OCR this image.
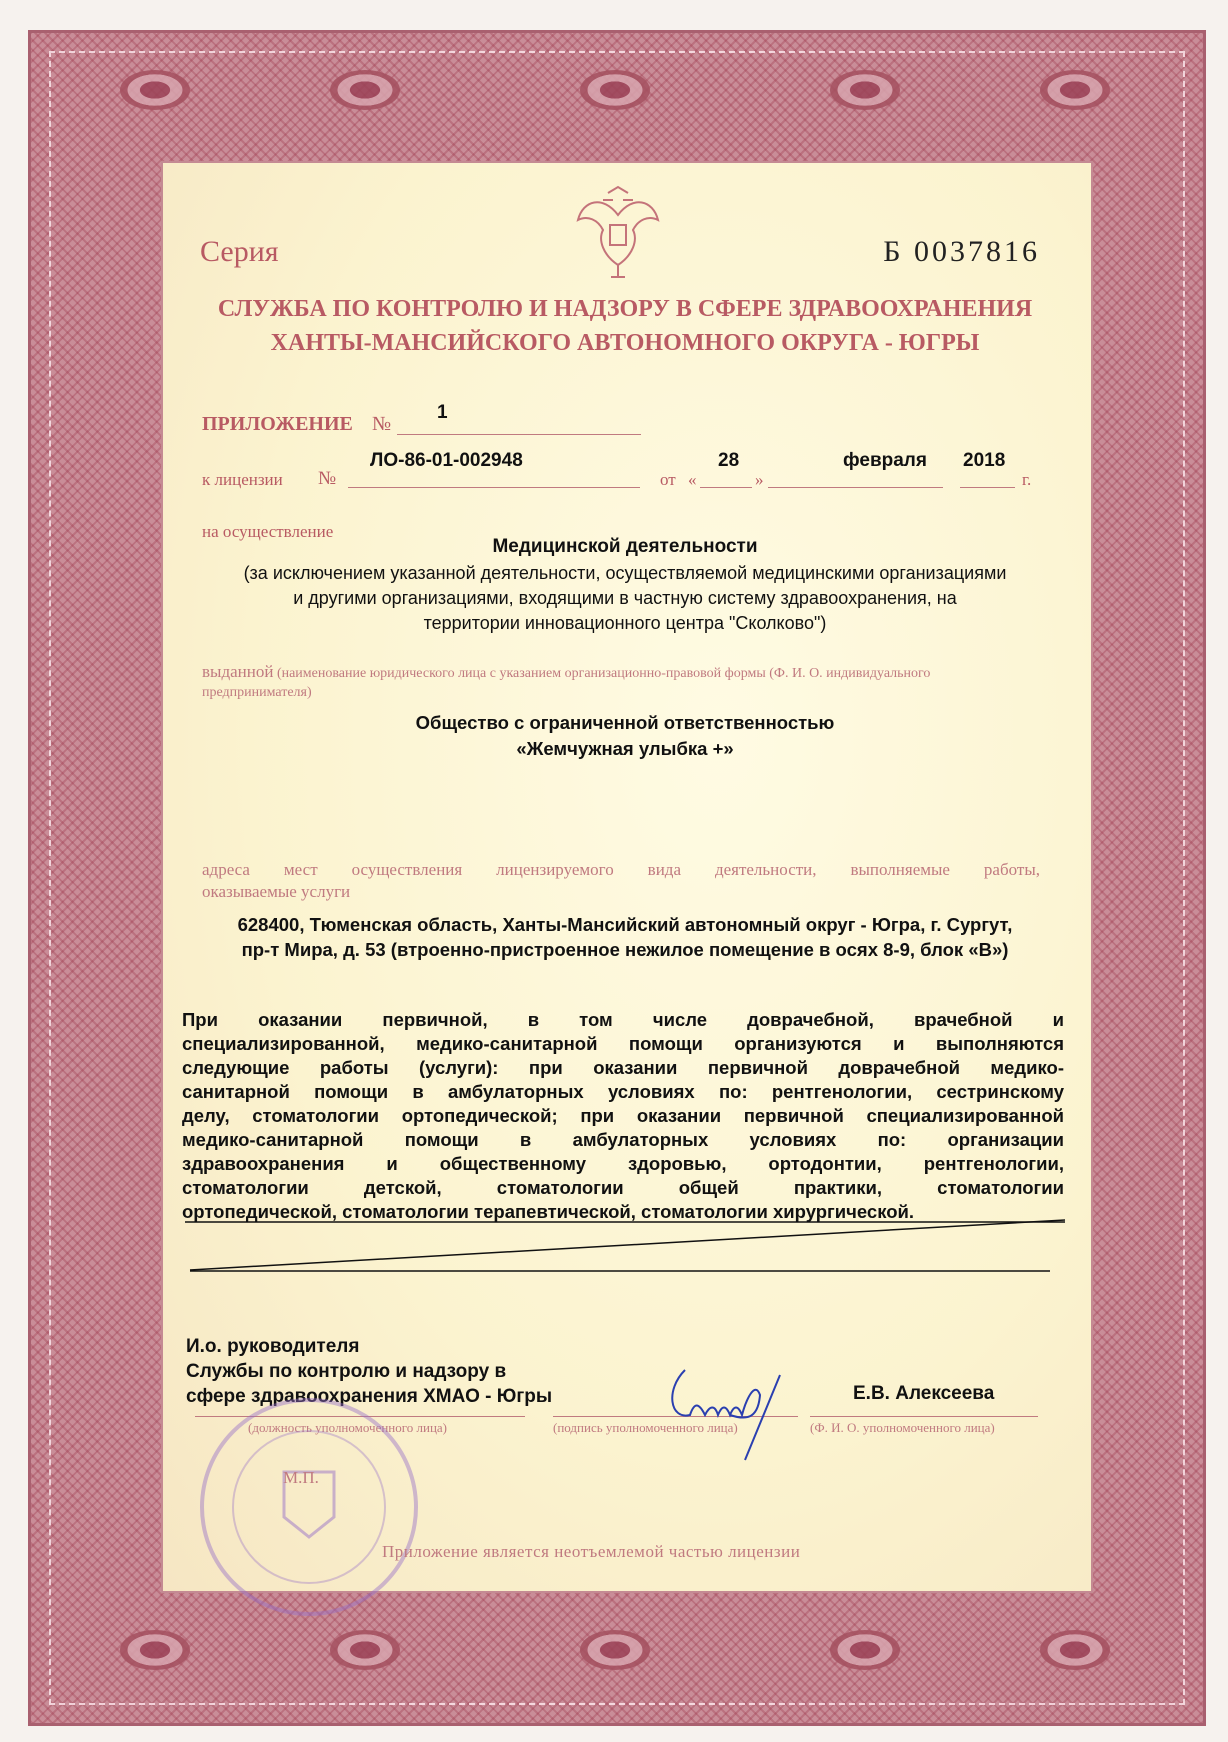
Серия	Б 0037816
СЛУЖБА ПО КОНТРОЛЮ И НАДЗОРУ В СФЕРЕ ЗДРАВООХРАНЕНИЯ
ХАНТЫ-МАНСИЙСКОГО АВТОНОМНОГО ОКРУГА - ЮГРЫ
ПРИЛОЖЕНИЕ №
1
к лицензии №
ЛО-86-01-002948
от «
28
»
февраля 2018
г.
на осуществление
Медицинской деятельности
(за исключением указанной деятельности, осуществляемой медицинскими организациями
и другими организациями, входящими в частную систему здравоохранения, на
территории инновационного центра "Сколково")
выданной (наименование юридического лица с указанием организационно-правовой формы (Ф. И. О. индивидуального
предпринимателя)
Общество с ограниченной ответственностью
«Жемчужная улыбка +»
адреса мест осуществления лицензируемого вида деятельности, выполняемые работы,
оказываемые услуги
628400, Тюменская область, Ханты-Мансийский автономный округ - Югра, г. Сургут,
пр-т Мира, д. 53 (втроенно-пристроенное нежилое помещение в осях 8-9, блок «В»)
При оказании первичной, в том числе доврачебной, врачебной и
специализированной, медико-санитарной помощи организуются и выполняются
следующие работы (услуги): при оказании первичной доврачебной медико-
санитарной помощи в амбулаторных условиях по: рентгенологии, сестринскому
делу, стоматологии ортопедической; при оказании первичной специализированной
медико-санитарной помощи в амбулаторных условиях по: организации
здравоохранения и общественному здоровью, ортодонтии, рентгенологии,
стоматологии детской, стоматологии общей практики, стоматологии
ортопедической, стоматологии терапевтической, стоматологии хирургической.
И.о. руководителя
Службы по контролю и надзору в
сфере здравоохранения ХМАО - Югры	Е.В. Алексеева
(должность уполномоченного лица)	(подпись уполномоченного лица)	(Ф. И. О. уполномоченного лица)
М.П.
Приложение является неотъемлемой частью лицензии
